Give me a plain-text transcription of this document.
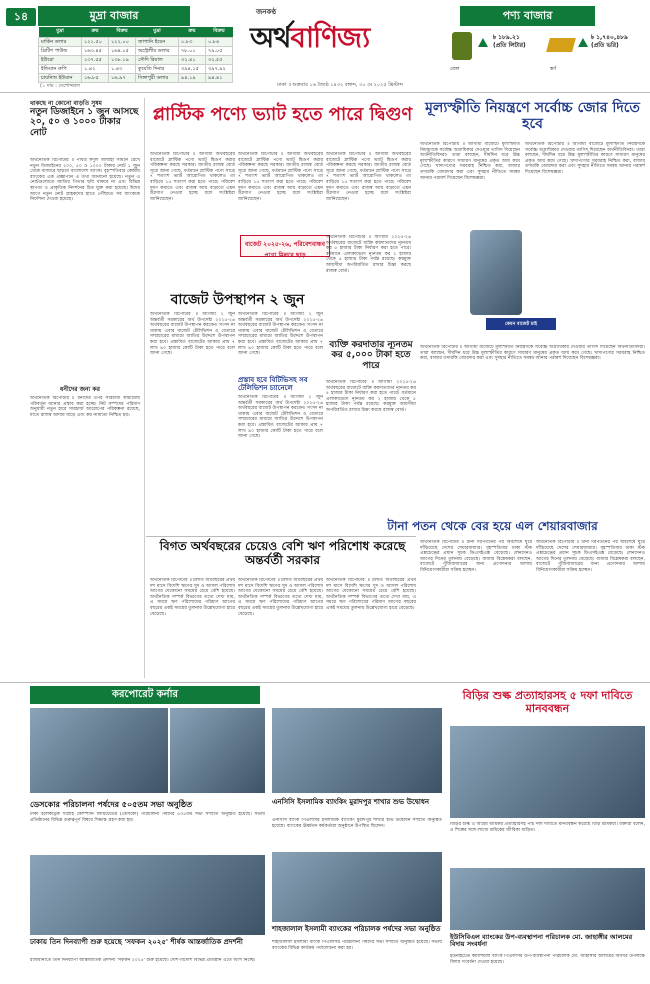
১৪	মুদ্রা বাজার
মুদ্রা	ক্রয়	বিক্রয়	মুদ্রা	ক্রয়	বিক্রয়
মার্কিন ডলার	১২১.৫০	১২২.০০	জাপানি ইয়েন	০.৮৩	০.৮৪
ব্রিটিশ পাউন্ড	১৬৩.৪৫	১৬৪.০৫	অস্ট্রেলীয় ডলার	৭৮.০১	৭৯.০৫
ইউরো	১৩৭.৫৫	১৩৮.১৯	সৌদি রিয়াল	৩২.৪১	৩২.৫৫
ইন্ডিয়ান রুপি	১.৪২	১.৪৩	কুয়েতি দিনার	৩৯৪.১৫	৩৯৭.৯২
চায়নিজ ইউয়ান	১৬.৮৫	১৬.৯৭	সিঙ্গাপুরী ডলার	৯৪.১৯	৯৪.৪১
(১ দাম : দেশোজ্জাল
জনকণ্ঠ
অর্থবাণিজ্য
ঢাকা ॥ শুক্রবার ১৬ জ্যৈষ্ঠ ১৪৩২ বঙ্গাব্দ, ৩০ মে ২০২৫ খ্রিস্টাব্দ
পণ্য বাজার
৳ ১৮৯.২১
(প্রতি লিটার)
তেল
৳ ১,৭৪০,৪৮৯
(প্রতি ভরি)
স্বর্ণ
থাকছে না কোনো বাড়তি সুষম
নতুন ডিজাইনে ১ জুন আসছে ২০, ৫০ ও ১০০০ টাকার নোট
অর্থনৈতিক রিপোর্টার ॥ পবিত্র ঈদুল আজহা সামনে রেখে নতুন ডিজাইনের ২০০, ৫০ ও ১০০০ টাকার নোট ১ জুন থেকে বাজারে ছাড়বে বাংলাদেশ ব্যাংক। বৃহস্পতিবার কেন্দ্রীয় ব্যাংকের এক প্রজ্ঞাপনে এ তথ্য জানানো হয়েছে। নতুন এ নোটগুলোতে জাতির পিতার ছবি থাকবে না এবং বিভিন্ন স্থাপত্য ও প্রাকৃতিক নিদর্শনের চিত্র যুক্ত করা হয়েছে। ঈদের আগে নতুন নোট গ্রাহকদের হাতে পৌঁছাতে সব ব্যাংককে নির্দেশনা দেওয়া হয়েছে।
ধনীদের জন্য কর
অর্থনৈতিক রিপোর্টার ॥ ধনীদের ওপর সারচার্জ কাঠামোয় পরিবর্তন আনার প্রস্তাব করা হচ্ছে। নিট সম্পদের পরিমাণ অনুযায়ী নতুন হারে সারচার্জ আরোপের পরিকল্পনা রয়েছে, যাতে রাজস্ব আদায় বাড়ে এবং কর ন্যায্যতা নিশ্চিত হয়।
প্লাস্টিক পণ্যে ভ্যাট হতে পারে দ্বিগুণ
অর্থনৈতিক রিপোর্টার ॥ আগামী অর্থবছরের বাজেটে প্লাস্টিক পণ্যে ভ্যাট দ্বিগুণ করার পরিকল্পনা করছে সরকার। জাতীয় রাজস্ব বোর্ড সূত্রে জানা গেছে, বর্তমানে প্লাস্টিক পণ্যে সাড়ে ৭ শতাংশ ভ্যাট আরোপিত থাকলেও তা বাড়িয়ে ১৫ শতাংশ করা হতে পারে। পরিবেশ দূষণ কমাতে এবং রাজস্ব আয় বাড়াতে এমন উদ্যোগ নেওয়া হচ্ছে বলে সংশ্লিষ্টরা জানিয়েছেন।
অর্থনৈতিক রিপোর্টার ॥ আগামী অর্থবছরের বাজেটে প্লাস্টিক পণ্যে ভ্যাট দ্বিগুণ করার পরিকল্পনা করছে সরকার। জাতীয় রাজস্ব বোর্ড সূত্রে জানা গেছে, বর্তমানে প্লাস্টিক পণ্যে সাড়ে ৭ শতাংশ ভ্যাট আরোপিত থাকলেও তা বাড়িয়ে ১৫ শতাংশ করা হতে পারে। পরিবেশ দূষণ কমাতে এবং রাজস্ব আয় বাড়াতে এমন উদ্যোগ নেওয়া হচ্ছে বলে সংশ্লিষ্টরা জানিয়েছেন।
অর্থনৈতিক রিপোর্টার ॥ আগামী অর্থবছরের বাজেটে প্লাস্টিক পণ্যে ভ্যাট দ্বিগুণ করার পরিকল্পনা করছে সরকার। জাতীয় রাজস্ব বোর্ড সূত্রে জানা গেছে, বর্তমানে প্লাস্টিক পণ্যে সাড়ে ৭ শতাংশ ভ্যাট আরোপিত থাকলেও তা বাড়িয়ে ১৫ শতাংশ করা হতে পারে। পরিবেশ দূষণ কমাতে এবং রাজস্ব আয় বাড়াতে এমন উদ্যোগ নেওয়া হচ্ছে বলে সংশ্লিষ্টরা জানিয়েছেন।
বাজেট ২০২৫-২৬, পরিবেশবান্ধব পণ্যে মিলবে ছাড়
অর্থনৈতিক রিপোর্টার ॥ আগামী ২০২৫-২৬ অর্থবছরের বাজেটে ব্যক্তি করদাতাদের ন্যূনতম কর ৫ হাজার টাকা নির্ধারণ করা হতে পারে। বর্তমানে এলাকাভেদে ন্যূনতম কর ২ হাজার থেকে ৫ হাজার টাকা পর্যন্ত রয়েছে। করমুক্ত আয়সীমা অপরিবর্তিত রাখার চিন্তা করছে রাজস্ব বোর্ড।
মূল্যস্ফীতি নিয়ন্ত্রণে সর্বোচ্চ জোর দিতে হবে
অর্থনৈতিক রিপোর্টার ॥ আগামী বাজেটে মূল্যস্ফীতি নিয়ন্ত্রণকে সর্বোচ্চ অগ্রাধিকার দেওয়ার তাগিদ দিয়েছেন অর্থনীতিবিদরা। তারা বলছেন, দীর্ঘদিন ধরে উচ্চ মূল্যস্ফীতির কারণে সাধারণ মানুষের প্রকৃত আয় কমে গেছে। খাদ্যপণ্যের সরবরাহ নিশ্চিত করা, বাজার তদারকি জোরদার করা এবং সুদহার নীতিতে সমন্বয় আনার পরামর্শ দিয়েছেন বিশেষজ্ঞরা।
অর্থনৈতিক রিপোর্টার ॥ আগামী বাজেটে মূল্যস্ফীতি নিয়ন্ত্রণকে সর্বোচ্চ অগ্রাধিকার দেওয়ার তাগিদ দিয়েছেন অর্থনীতিবিদরা। তারা বলছেন, দীর্ঘদিন ধরে উচ্চ মূল্যস্ফীতির কারণে সাধারণ মানুষের প্রকৃত আয় কমে গেছে। খাদ্যপণ্যের সরবরাহ নিশ্চিত করা, বাজার তদারকি জোরদার করা এবং সুদহার নীতিতে সমন্বয় আনার পরামর্শ দিয়েছেন বিশেষজ্ঞরা।
কেমন বাজেট চাই
অর্থনৈতিক রিপোর্টার ॥ আগামী বাজেটে মূল্যস্ফীতি নিয়ন্ত্রণকে সর্বোচ্চ অগ্রাধিকার দেওয়ার তাগিদ দিয়েছেন অর্থনীতিবিদরা। তারা বলছেন, দীর্ঘদিন ধরে উচ্চ মূল্যস্ফীতির কারণে সাধারণ মানুষের প্রকৃত আয় কমে গেছে। খাদ্যপণ্যের সরবরাহ নিশ্চিত করা, বাজার তদারকি জোরদার করা এবং সুদহার নীতিতে সমন্বয় আনার পরামর্শ দিয়েছেন বিশেষজ্ঞরা।
বাজেট উপস্থাপন ২ জুন
অর্থনৈতিক রিপোর্টার ॥ আগামী ২ জুন অন্তর্বর্তী সরকারের অর্থ উপদেষ্টা ২০২৫-২৬ অর্থবছরের বাজেট উপস্থাপন করবেন। সংসদ না থাকায় এবার বাজেট টেলিভিশন ও বেতারে সম্প্রচারের মাধ্যমে জাতির উদ্দেশে উপস্থাপন করা হবে। প্রস্তাবিত বাজেটের আকার প্রায় ৭ লাখ ৯০ হাজার কোটি টাকা হতে পারে বলে জানা গেছে।
অর্থনৈতিক রিপোর্টার ॥ আগামী ২ জুন অন্তর্বর্তী সরকারের অর্থ উপদেষ্টা ২০২৫-২৬ অর্থবছরের বাজেট উপস্থাপন করবেন। সংসদ না থাকায় এবার বাজেট টেলিভিশন ও বেতারে সম্প্রচারের মাধ্যমে জাতির উদ্দেশে উপস্থাপন করা হবে। প্রস্তাবিত বাজেটের আকার প্রায় ৭ লাখ ৯০ হাজার কোটি টাকা হতে পারে বলে জানা গেছে।
প্রস্তাব হবে বিটিভিসহ সব টেলিভিশন চ্যানেলে
অর্থনৈতিক রিপোর্টার ॥ আগামী ২ জুন অন্তর্বর্তী সরকারের অর্থ উপদেষ্টা ২০২৫-২৬ অর্থবছরের বাজেট উপস্থাপন করবেন। সংসদ না থাকায় এবার বাজেট টেলিভিশন ও বেতারে সম্প্রচারের মাধ্যমে জাতির উদ্দেশে উপস্থাপন করা হবে। প্রস্তাবিত বাজেটের আকার প্রায় ৭ লাখ ৯০ হাজার কোটি টাকা হতে পারে বলে জানা গেছে।
ব্যক্তি করদাতার ন্যূনতম কর ৫,০০০ টাকা হতে পারে
অর্থনৈতিক রিপোর্টার ॥ আগামী ২০২৫-২৬ অর্থবছরের বাজেটে ব্যক্তি করদাতাদের ন্যূনতম কর ৫ হাজার টাকা নির্ধারণ করা হতে পারে। বর্তমানে এলাকাভেদে ন্যূনতম কর ২ হাজার থেকে ৫ হাজার টাকা পর্যন্ত রয়েছে। করমুক্ত আয়সীমা অপরিবর্তিত রাখার চিন্তা করছে রাজস্ব বোর্ড।
বিগত অর্থবছরের চেয়েও বেশি ঋণ পরিশোধ করেছে অন্তর্বর্তী সরকার
অর্থনৈতিক রিপোর্টার ॥ চলতি অর্থবছরের প্রথম দশ মাসে বিদেশি ঋণের সুদ ও আসল পরিশোধ আগের যেকোনো সময়ের চেয়ে বেশি হয়েছে। অর্থনৈতিক সম্পর্ক বিভাগের তথ্যে দেখা যায়, এ সময়ে ঋণ পরিশোধের পরিমাণ আগের বছরের একই সময়ের তুলনায় উল্লেখযোগ্য হারে বেড়েছে।
অর্থনৈতিক রিপোর্টার ॥ চলতি অর্থবছরের প্রথম দশ মাসে বিদেশি ঋণের সুদ ও আসল পরিশোধ আগের যেকোনো সময়ের চেয়ে বেশি হয়েছে। অর্থনৈতিক সম্পর্ক বিভাগের তথ্যে দেখা যায়, এ সময়ে ঋণ পরিশোধের পরিমাণ আগের বছরের একই সময়ের তুলনায় উল্লেখযোগ্য হারে বেড়েছে।
অর্থনৈতিক রিপোর্টার ॥ চলতি অর্থবছরের প্রথম দশ মাসে বিদেশি ঋণের সুদ ও আসল পরিশোধ আগের যেকোনো সময়ের চেয়ে বেশি হয়েছে। অর্থনৈতিক সম্পর্ক বিভাগের তথ্যে দেখা যায়, এ সময়ে ঋণ পরিশোধের পরিমাণ আগের বছরের একই সময়ের তুলনায় উল্লেখযোগ্য হারে বেড়েছে।
টানা পতন থেকে বের হয়ে এল শেয়ারবাজার
অর্থনৈতিক রিপোর্টার ॥ টানা দরপতনের পর অবশেষে ঘুরে দাঁড়িয়েছে দেশের শেয়ারবাজার। বৃহস্পতিবার ঢাকা স্টক এক্সচেঞ্জের প্রধান সূচক ডিএসইএক্স বেড়েছে। লেনদেনও আগের দিনের তুলনায় বেড়েছে। বাজার বিশ্লেষকরা বলছেন, বাজেটে পুঁজিবাজারের জন্য প্রণোদনার আশায় বিনিয়োগকারীরা সক্রিয় হচ্ছেন।
অর্থনৈতিক রিপোর্টার ॥ টানা দরপতনের পর অবশেষে ঘুরে দাঁড়িয়েছে দেশের শেয়ারবাজার। বৃহস্পতিবার ঢাকা স্টক এক্সচেঞ্জের প্রধান সূচক ডিএসইএক্স বেড়েছে। লেনদেনও আগের দিনের তুলনায় বেড়েছে। বাজার বিশ্লেষকরা বলছেন, বাজেটে পুঁজিবাজারের জন্য প্রণোদনার আশায় বিনিয়োগকারীরা সক্রিয় হচ্ছেন।
করপোরেট কর্নার
ডেসকোর পরিচালনা পর্ষদের ৫০৫তম সভা অনুষ্ঠিত
ঢাকা ইলেকট্রিক সাপ্লাই কোম্পানি লিমিটেডের (ডেসকো) পরিচালনা পর্ষদের ৫০৫তম সভা সম্প্রতি অনুষ্ঠিত হয়েছে। সভায় প্রতিষ্ঠানের বিভিন্ন গুরুত্বপূর্ণ বিষয়ে সিদ্ধান্ত গ্রহণ করা হয়।
ঢাকায় তিন দিনব্যাপী শুরু হয়েছে 'সফকন ২০২৫' শীর্ষক আন্তর্জাতিক প্রদর্শনী
রাজধানীতে তিন দিনব্যাপী আন্তর্জাতিক প্রদর্শনী 'সফকন ২০২৫' শুরু হয়েছে। দেশি-বিদেশি বিভিন্ন প্রতিষ্ঠান এতে অংশ নিচ্ছে।
এনসিসি ইসলামিক ব্যাংকিং মুরাদপুর শাখার শুভ উদ্বোধন
এনসিসি ব্যাংক পিএলসির ইসলামিক ব্যাংকিং মুরাদপুর শাখার শুভ উদ্বোধন সম্প্রতি অনুষ্ঠিত হয়েছে। ব্যাংকের ঊর্ধ্বতন কর্মকর্তারা অনুষ্ঠানে উপস্থিত ছিলেন।
শাহজালাল ইসলামী ব্যাংকের পরিচালক পর্ষদের সভা অনুষ্ঠিত
শাহজালাল ইসলামী ব্যাংক পিএলসির পরিচালনা পর্ষদের সভা সম্প্রতি অনুষ্ঠিত হয়েছে। সভায় ব্যাংকের বিভিন্ন কার্যক্রম পর্যালোচনা করা হয়।
বিড়ির শুল্ক প্রত্যাহারসহ ৫ দফা দাবিতে মানববন্ধন
বিড়ির শুল্ক ও অগ্রিম আয়কর প্রত্যাহারসহ পাঁচ দফা দাবিতে মানববন্ধন করেছে বিড়ি শ্রমিকরা। বক্তারা বলেন, এ শিল্পের সঙ্গে লাখো শ্রমিকের জীবিকা জড়িত।
ইউসিবিএল ব্যাংকের উপ-ব্যবস্থাপনা পরিচালক মো. জাহাঙ্গীর আলমের বিদায় সংবর্ধনা
ইউনাইটেড কমার্শিয়াল ব্যাংক পিএলসির উপ-ব্যবস্থাপনা পরিচালক মো. জাহাঙ্গীর আলমের অবসর উপলক্ষে বিদায় সংবর্ধনা দেওয়া হয়েছে।
